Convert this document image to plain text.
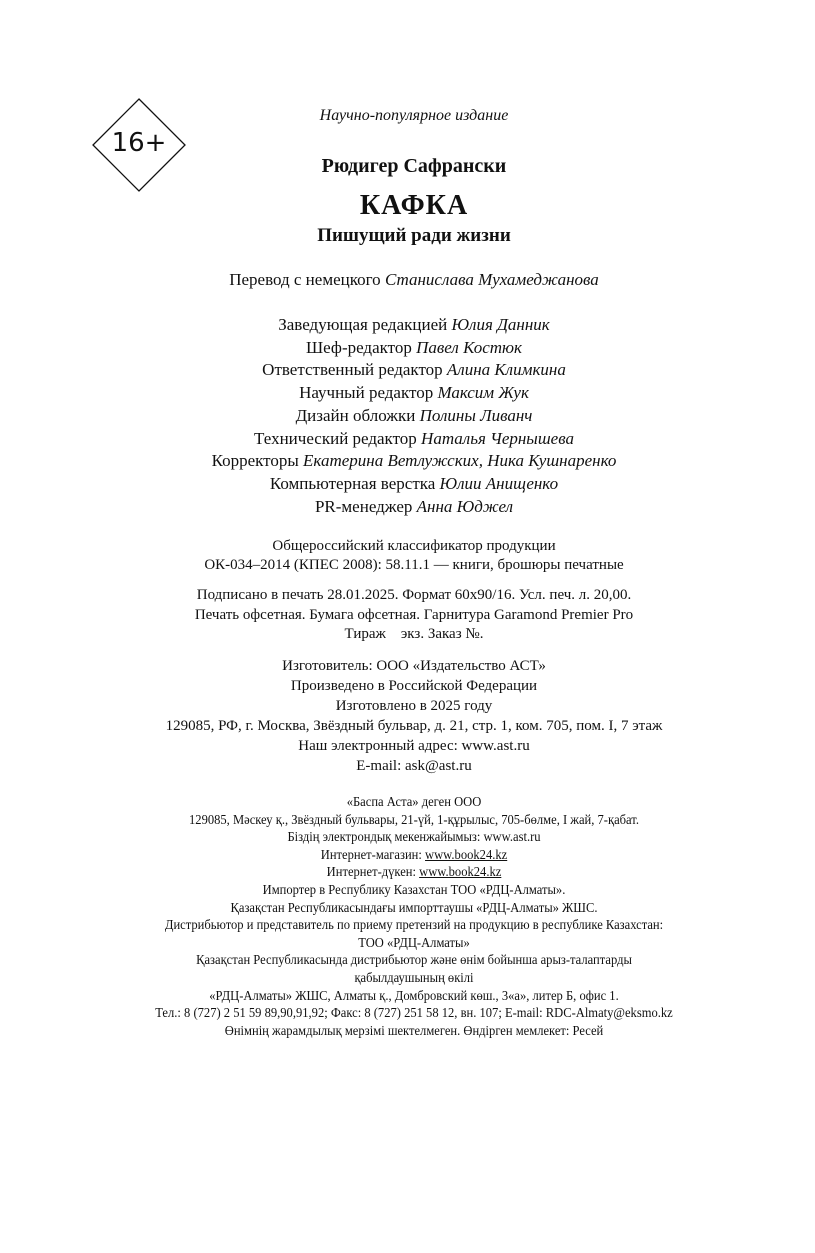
16+
Научно-популярное издание
Рюдигер Сафрански
КАФКА
Пишущий ради жизни
Перевод с немецкого Станислава Мухамеджанова
Заведующая редакцией Юлия Данник
Шеф-редактор Павел Костюк
Ответственный редактор Алина Климкина
Научный редактор Максим Жук
Дизайн обложки Полины Ливанч
Технический редактор Наталья Чернышева
Корректоры Екатерина Ветлужских, Ника Кушнаренко
Компьютерная верстка Юлии Анищенко
PR-менеджер Анна Юджел
Общероссийский классификатор продукции
ОК-034–2014 (КПЕС 2008): 58.11.1 — книги, брошюры печатные
Подписано в печать 28.01.2025. Формат 60x90/16. Усл. печ. л. 20,00.
Печать офсетная. Бумага офсетная. Гарнитура Garamond Premier Pro
Тираж    экз. Заказ №.
Изготовитель: ООО «Издательство АСТ»
Произведено в Российской Федерации
Изготовлено в 2025 году
129085, РФ, г. Москва, Звёздный бульвар, д. 21, стр. 1, ком. 705, пом. I, 7 этаж
Наш электронный адрес: www.ast.ru
E-mail: ask@ast.ru
«Баспа Аста» деген ООО
129085, Мәскеу қ., Звёздный бульвары, 21-үй, 1-құрылыс, 705-бөлме, I жай, 7-қабат.
Біздің электрондық мекенжайымыз: www.ast.ru
Интернет-магазин: www.book24.kz
Интернет-дүкен: www.book24.kz
Импортер в Республику Казахстан ТОО «РДЦ-Алматы».
Қазақстан Республикасындағы импорттаушы «РДЦ-Алматы» ЖШС.
Дистрибьютор и представитель по приему претензий на продукцию в республике Казахстан:
ТОО «РДЦ-Алматы»
Қазақстан Республикасында дистрибьютор және өнім бойынша арыз-талаптарды
қабылдаушының өкілі
«РДЦ-Алматы» ЖШС, Алматы қ., Домбровский көш., 3«а», литер Б, офис 1.
Тел.: 8 (727) 2 51 59 89,90,91,92; Факс: 8 (727) 251 58 12, вн. 107; E-mail: RDC-Almaty@eksmo.kz
Өнімнің жарамдылық мерзімі шектелмеген. Өндірген мемлекет: Ресей
